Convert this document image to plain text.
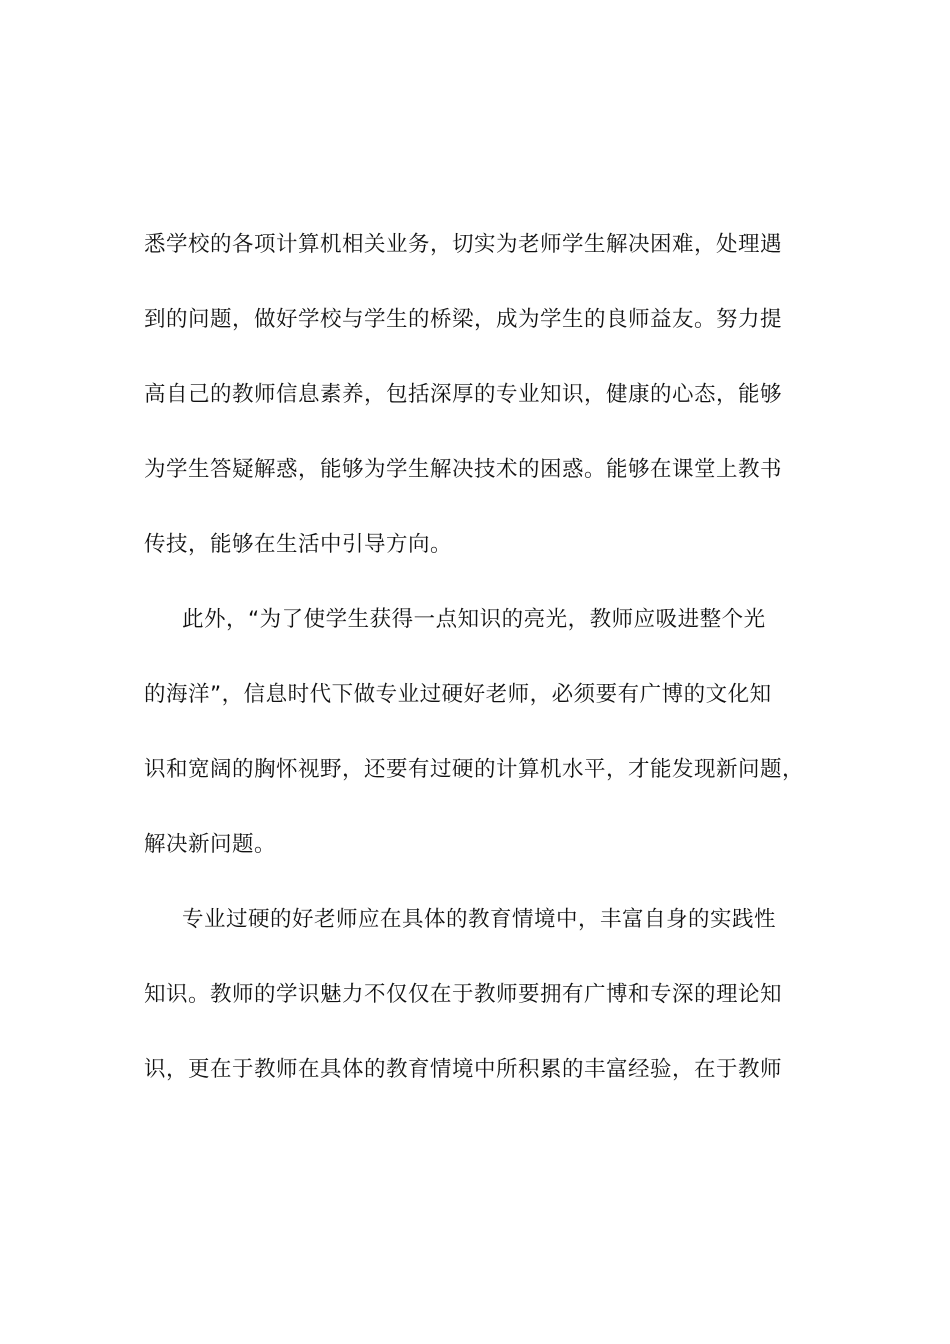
悉学校的各项计算机相关业务，切实为老师学生解决困难，处理遇
到的问题，做好学校与学生的桥梁，成为学生的良师益友。努力提
高自己的教师信息素养，包括深厚的专业知识，健康的心态，能够
为学生答疑解惑，能够为学生解决技术的困惑。能够在课堂上教书
传技，能够在生活中引导方向。
此外，“为了使学生获得一点知识的亮光，教师应吸进整个光
的海洋”，信息时代下做专业过硬好老师，必须要有广博的文化知
识和宽阔的胸怀视野，还要有过硬的计算机水平，才能发现新问题，
解决新问题。
专业过硬的好老师应在具体的教育情境中，丰富自身的实践性
知识。教师的学识魅力不仅仅在于教师要拥有广博和专深的理论知
识，更在于教师在具体的教育情境中所积累的丰富经验，在于教师
